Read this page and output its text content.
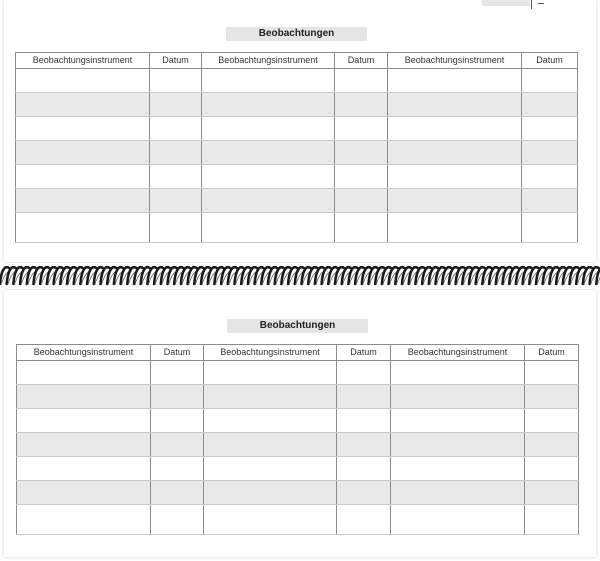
Beobachtungen
Beobachtungsinstrument	Datum	Beobachtungsinstrument	Datum	Beobachtungsinstrument	Datum

Beobachtungen
Beobachtungsinstrument	Datum	Beobachtungsinstrument	Datum	Beobachtungsinstrument	Datum
